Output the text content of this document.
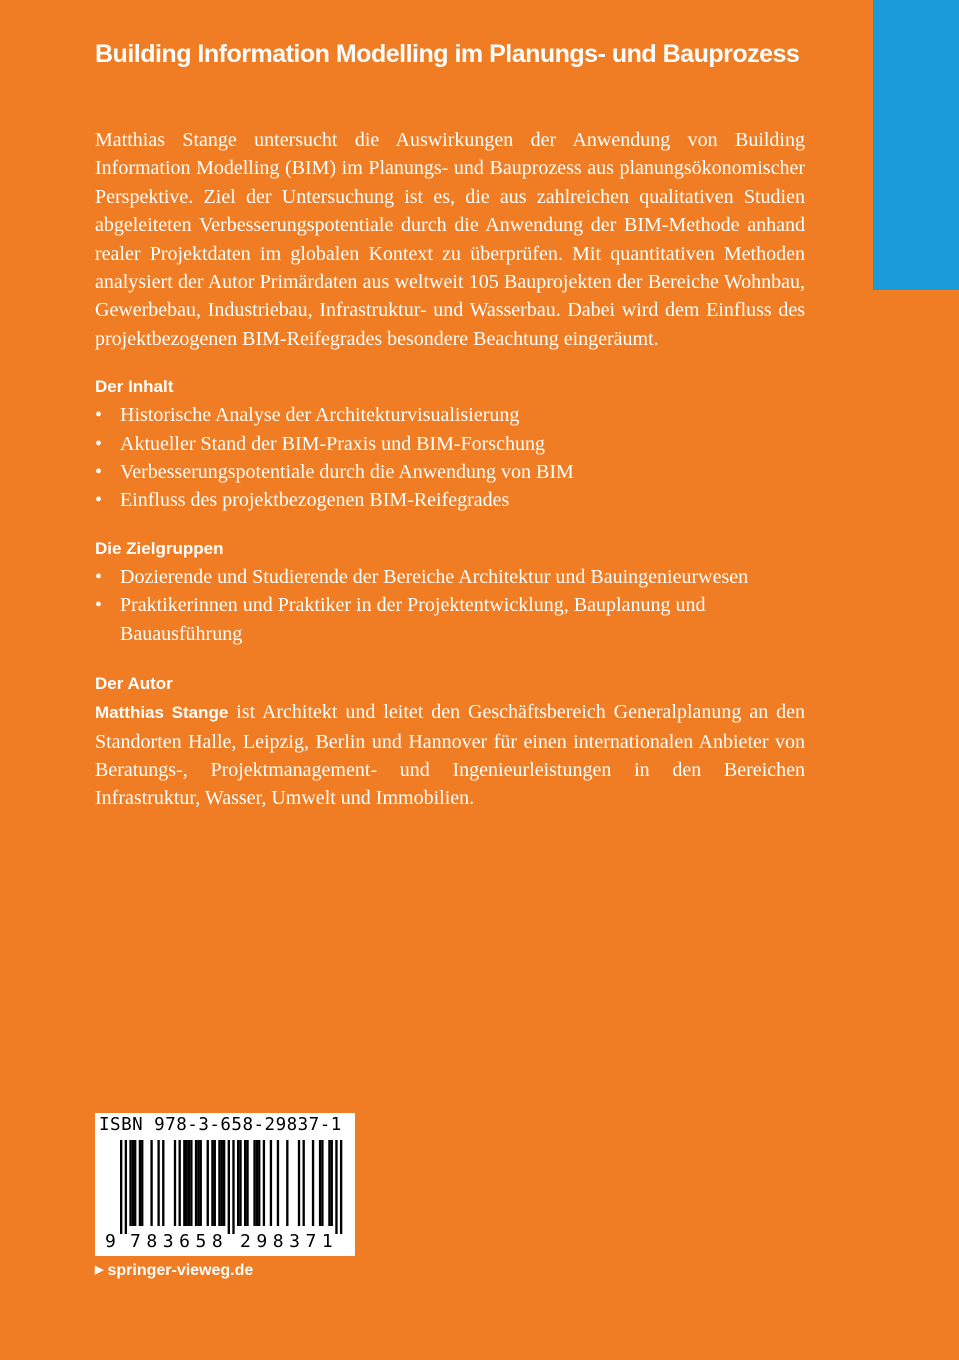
Building Information Modelling im Planungs- und Bauprozess

Matthias Stange untersucht die Auswirkungen der Anwendung von Building Information Modelling (BIM) im Planungs- und Bauprozess aus planungsökonomischer Perspektive. Ziel der Untersuchung ist es, die aus zahlreichen qualitativen Studien abgeleiteten Verbesserungspotentiale durch die Anwendung der BIM-Methode anhand realer Projektdaten im globalen Kontext zu überprüfen. Mit quantitativen Methoden analysiert der Autor Primärdaten aus weltweit 105 Bauprojekten der Bereiche Wohnbau, Gewerbebau, Industriebau, Infrastruktur- und Wasserbau. Dabei wird dem Einfluss des projektbezogenen BIM-Reifegrades besondere Beachtung eingeräumt.

Der Inhalt

• Historische Analyse der Architekturvisualisierung
• Aktueller Stand der BIM-Praxis und BIM-Forschung
• Verbesserungspotentiale durch die Anwendung von BIM
• Einfluss des projektbezogenen BIM-Reifegrades

Die Zielgruppen

• Dozierende und Studierende der Bereiche Architektur und Bauingenieurwesen
• Praktikerinnen und Praktiker in der Projektentwicklung, Bauplanung und Bauausführung

Der Autor

Matthias Stange ist Architekt und leitet den Geschäftsbereich Generalplanung an den Standorten Halle, Leipzig, Berlin und Hannover für einen internationalen Anbieter von Beratungs-, Projektmanagement- und Ingenieurleistungen in den Bereichen Infrastruktur, Wasser, Umwelt und Immobilien.

ISBN 978-3-658-29837-1
9 7 8 3 6 5 8 2 9 8 3 7 1
▶ springer-vieweg.de
